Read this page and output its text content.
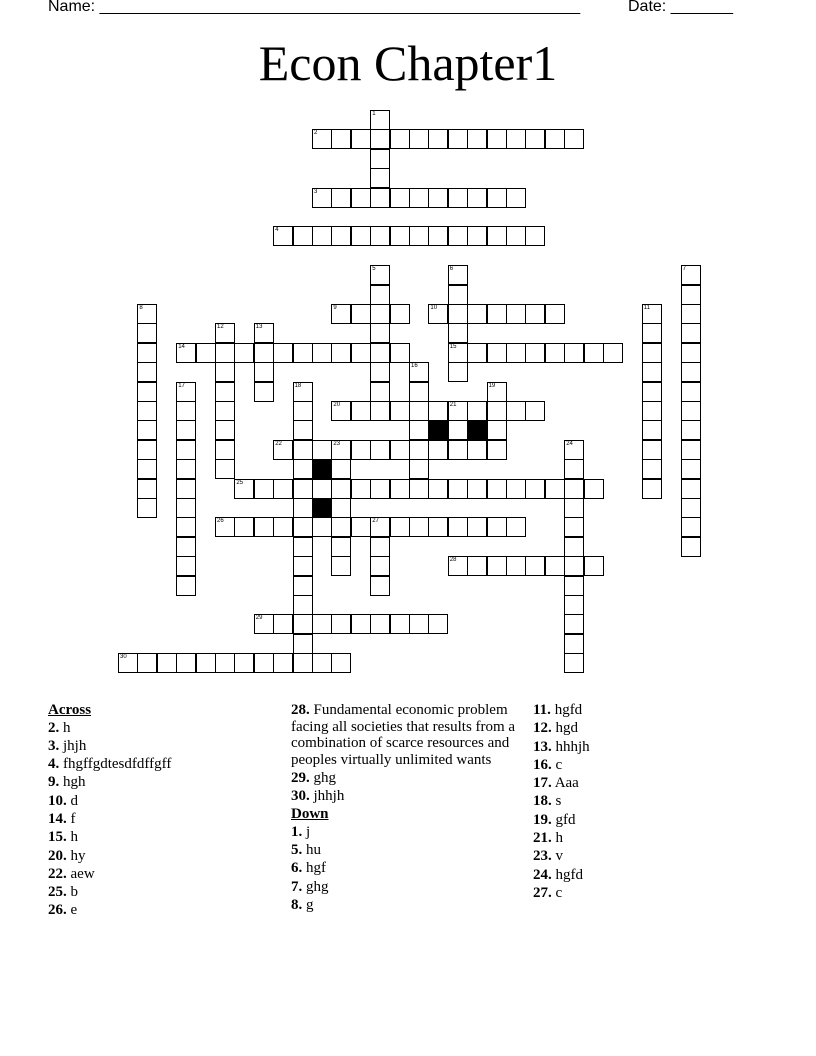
Name: ______________________________________________________	Date: _______
Econ Chapter1
1
2
3
4
5	6
15
7
8	9	10	11
12	13
14
16
17	18	19
20	21
22	23	24
25
26	27
28
29
30
Across
2. h
3. jhjh
4. fhgffgdtesdfdffgff
9. hgh
10. d
14. f
15. h
20. hy
22. aew
25. b
26. e
28. Fundamental economic problem facing all societies that results from a combination of scarce resources and peoples virtually unlimited wants
29. ghg
30. jhhjh
Down
1. j
5. hu
6. hgf
7. ghg
8. g
11. hgfd
12. hgd
13. hhhjh
16. c
17. Aaa
18. s
19. gfd
21. h
23. v
24. hgfd
27. c
